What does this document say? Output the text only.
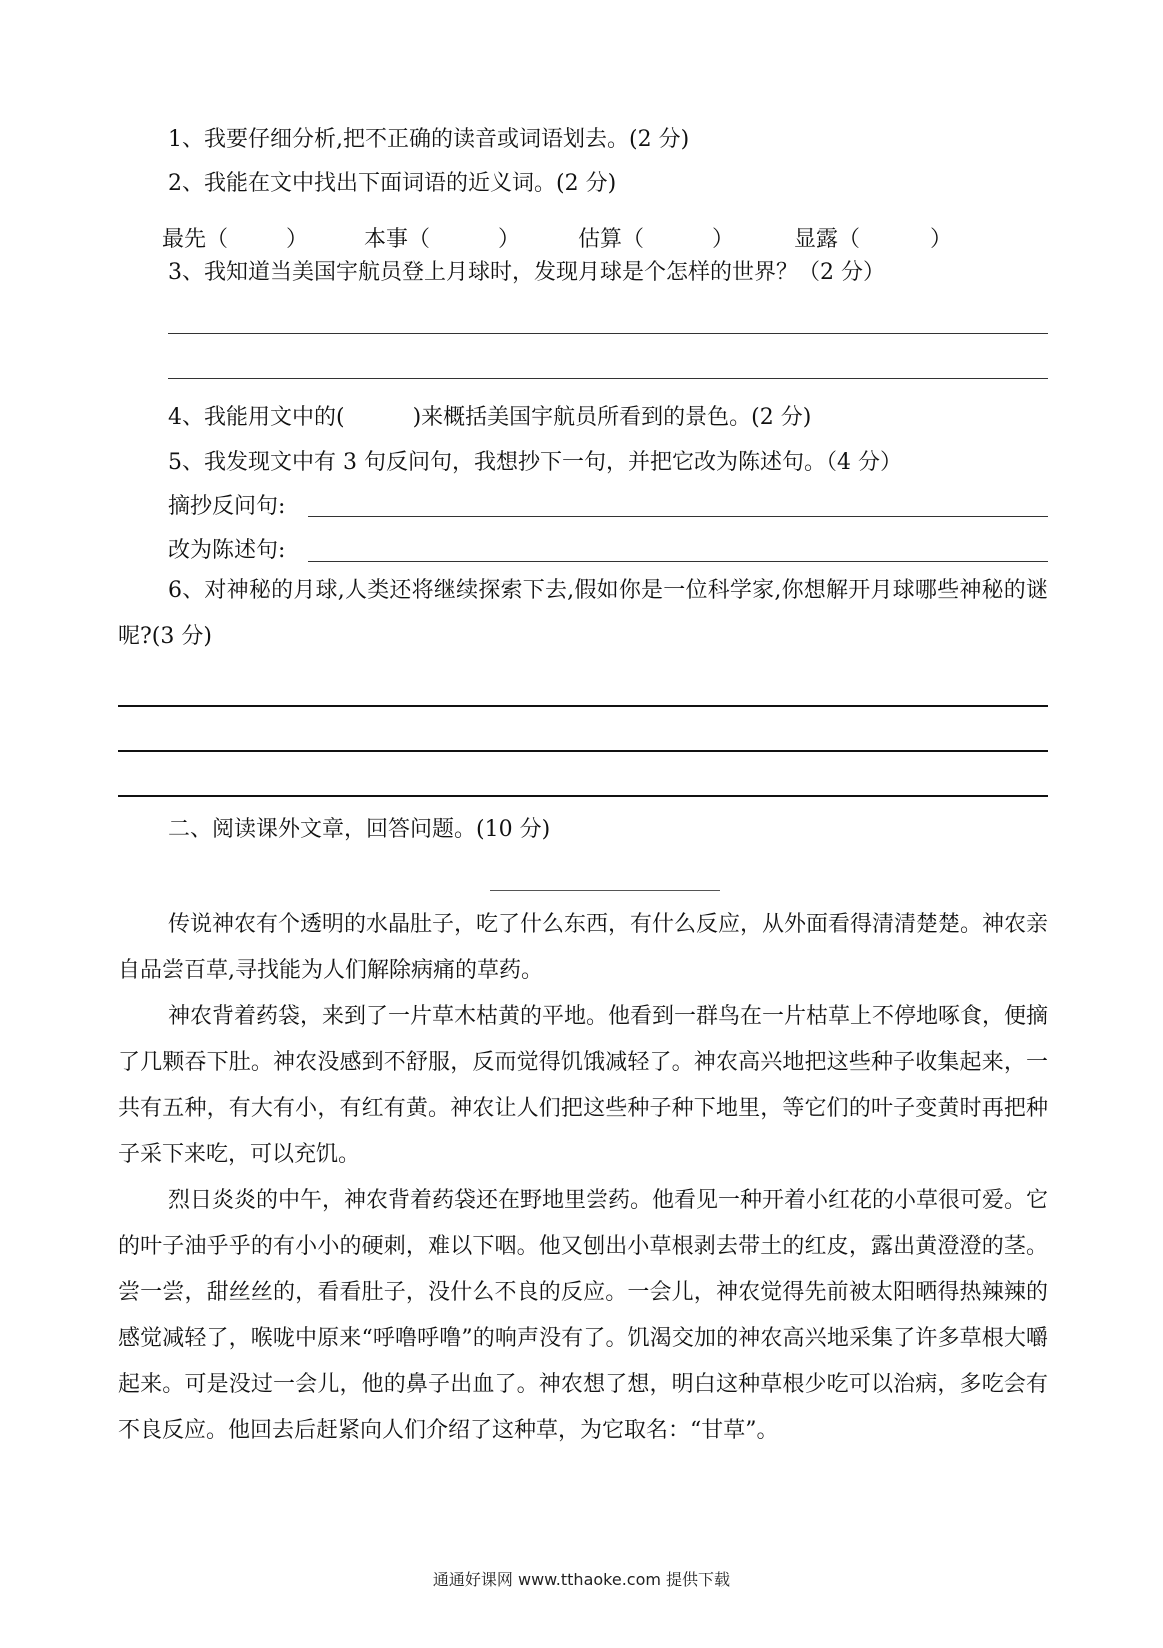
1、我要仔细分析,把不正确的读音或词语划去。(2 分)
2、我能在文中找出下面词语的近义词。(2 分)
最先（	）	本事（	）	估算（	）	显露（	）
3、我知道当美国宇航员登上月球时，发现月球是个怎样的世界？（2 分）
4、我能用文中的(	)来概括美国宇航员所看到的景色。(2 分)
5、我发现文中有 3 句反问句，我想抄下一句，并把它改为陈述句。（4 分）
摘抄反问句:
改为陈述句:
6、对神秘的月球,人类还将继续探索下去,假如你是一位科学家,你想解开月球哪些神秘的谜呢?(3 分)
二、阅读课外文章，回答问题。(10 分)
传说神农有个透明的水晶肚子，吃了什么东西，有什么反应，从外面看得清清楚楚。神农亲自品尝百草,寻找能为人们解除病痛的草药。
神农背着药袋，来到了一片草木枯黄的平地。他看到一群鸟在一片枯草上不停地啄食，便摘了几颗吞下肚。神农没感到不舒服，反而觉得饥饿减轻了。神农高兴地把这些种子收集起来，一共有五种，有大有小，有红有黄。神农让人们把这些种子种下地里，等它们的叶子变黄时再把种子采下来吃，可以充饥。
烈日炎炎的中午，神农背着药袋还在野地里尝药。他看见一种开着小红花的小草很可爱。它的叶子油乎乎的有小小的硬刺，难以下咽。他又刨出小草根剥去带土的红皮，露出黄澄澄的茎。尝一尝，甜丝丝的，看看肚子，没什么不良的反应。一会儿，神农觉得先前被太阳晒得热辣辣的感觉减轻了，喉咙中原来“呼噜呼噜”的响声没有了。饥渴交加的神农高兴地采集了许多草根大嚼起来。可是没过一会儿，他的鼻子出血了。神农想了想，明白这种草根少吃可以治病，多吃会有不良反应。他回去后赶紧向人们介绍了这种草，为它取名：“甘草”。
通通好课网 www.tthaoke.com 提供下载
